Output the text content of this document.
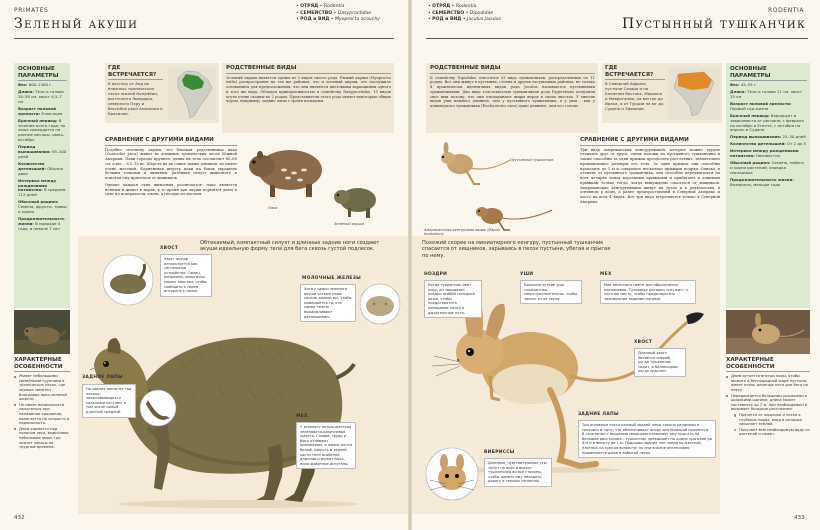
PRIMATES
• ОТРЯД • Rodentia
• СЕМЕЙСТВО • Dasyproctidae
• РОД и ВИД • Myoprocta acouchy
Зеленый акуши
ОСНОВНЫЕ ПАРАМЕТРЫ
Вес: 600–1300 г
Длина: Тело и голова 30–38 см, хвост 4,5–7 см
Возраст половой зрелости: 8 месяцев
Брачный период: В течение всего года, но чаще приходится на ранние месяцы, июнь–октябрь
Период вынашивания: 95–100 дней
Количество детенышей: Обычно двое
Интервал между рождениями потомства: В среднем 112 дней
Обычный рацион: Семена, фрукты, травы и корни
Продолжительность жизни: В природе 4 года, в неволе 7 лет
ХАРАКТЕРНЫЕ ОСОБЕННОСТИ
Живет небольшими семейными группами в тропических лесах, где хорошо заметен благодаря ярко-зеленой шерсти.
Не имеет возможности засыпаться при нападении хищников, полагается на скорость и подвижность.
Днем кормится под пологом леса, выискивая небольшие ямки, где прячет запасы на трудные времена.
ГДЕ ВСТРЕЧАЕТСЯ?
К востоку от Анд во влажных тропических лесах южной Колумбии, восточного Эквадора, северного Перу и бассейна реки Амазонки в Бразилии.
РОДСТВЕННЫЕ ВИДЫ
Зеленый акуши является одним из 2 видов своего рода. Рыжий акуши (Myoprocta exilis) распространен на тех же районах, что и зеленый акуши, что послужило основанием для предположения, что они являются цветовыми вариациями одного и того же вида. Обладая принадлежностью к семейству Dasyproctidae, 13 видов агути очень сходны по 2 родам. Представители этого рода имеют некоторые общие черты, например, задние лапы с тремя пальцами.
СРАВНЕНИЕ С ДРУГИМИ ВИДАМИ
Подобно зеленому акуши, его близкая родственница пака (Cuniculus paca) живет во влажных тропических лесах Южной Америки. Паки гораздо крупнее, длина их тела составляет 60–80 см, а вес – 6,5–12 кг. Шерсть на их спине также длинная, но имеет очень жесткий. Коричневая шерсть паки на боках украшена белыми точками и линиями, разбивая силуэт животного и помогая ему прятаться от хищников.
Однако каждая этих животных различается: пака является ночным и живет в норах, в то время как акуши кормятся днем и спят на поверхности земли, в гнездах из листьев.
Пака
Зеленый акуши
Обтекаемый, компактный силуэт и длинные задние ноги создают акуши идеальную форму тела для бега сквозь густой подлесок.
ХВОСТ
Хвост акуши используется как сигнальное устройство. Самец, например, энергично машет хвостом, чтобы сообщить о своем интересе к самке.
МОЛОЧНЫЕ ЖЕЛЕЗЫ
Хотя у самки зеленого акуши четыре пары сосков, можно вы, чтобы помещается то, что самки нежно выкармливают детенышами.
ЗАДНИЕ ЛАПЫ
На задних лапах по три пальца, заканчивающихся сильными когтями, в том числе самый длинный средний.
МЕХ
У зеленого акуши жесткая зеленовато-коричневая шерсть. Голова, грудь и бока отливают оранжевым, а живот почти белый. Шерсть в задней части тела особенно длинная и может быть, если животное испугано.
432
RODENTIA
• ОТРЯД • Rodentia
• СЕМЕЙСТВО • Dipodidae
• РОД и ВИД • Jaculus jaculus	Пустынный тушканчик
РОДСТВЕННЫЕ ВИДЫ
К семейству Dipodidae относятся 33 вида тушканчиков, распределенных по 11 родам. Все они живут в пустынях, степях и других засушливых районах, но только 4 практически идентичных видов рода Jaculus называются пустынными тушканчиками. Два вида толстохвостых тушканчиков рода Pygeretmus получили свое имя потому, что они откладывают жиры впрок в своих хвостах. У многих видов уши намного длиннее, чем у пустынного тушканчика, а у уши – как у длинноухого тушканчика (Euchoreutes naso) даже длиннее, чем его голова.
ГДЕ ВСТРЕЧАЕТСЯ?
В Северной Африке, пустыни Сахара и на Ближнем Востоке, Марокко и Мавритании, на восток до Ирака, а от Турции на юг до Судана и Эфиопии.
ОСНОВНЫЕ ПАРАМЕТРЫ
Вес: 45–55 г
Длина: Тело и голова 11 см, хвост 15 см
Возраст половой зрелости: Первый год жизни
Брачный период: Варьирует в зависимости от региона; с февраля по октябрь в Египте, с октября по апрель в Судане
Период вынашивания: 25–30 дней
Количество детенышей: От 2 до 5
Интервал между рождениями потомства: Неизвестно
Обычный рацион: Семена, побеги и корни растений; изредка насекомые
Продолжительность жизни: Возможно, меньше года
ХАРАКТЕРНЫЕ ОСОБЕННОСТИ
Днем остается внутри норы, чтобы выжить в беспощадной жаре пустыни; имеет очень длинные ноги для бега по песку.
Передвигается большими прыжками и широкими шагами, длина может составлять до 2 м, при необходимости вызывает большие расстояния.
Прячется от хищника и песка в глубоких норах, вход в которые засыпает землей.
Получает всю необходимую воду из растений и семян.
СРАВНЕНИЕ С ДРУГИМИ ВИДАМИ
Три вида американских кенгурумышей, которые можно трудно отличить друг от друга, очень похожи на пустынного тушканчика и также способны за один прыжок преодолеть расстояние, значительно превышающее размеры его тела. За один прыжок они способны проходить до 1 м и совершать несколько прыжков подряд. Однако, в отличие от пустынного тушканчика, они способно передвигаться на всех четырех лапах короткими прыжками и прибегают к длинным прыжкам только тогда, когда вынуждены спасаться от хищников. Американские кенгурумышки живут на лугах и в редколесьях, в основном у воды, а ранее произрастающей в Северной Америке и часто на всех 4 видах. Все три вида встречаются только в Северной Америке.
Пустынный тушканчик
Американская кенгуровая мышь (Zapus hudsonius)
Похожий скорее на миниатюрного кенгуру, пустынный тушканчик спасается от хищников, зарываясь в песок пустыни, убегая и прыгая по нему.
НОЗДРИ
Когда тушканчик роет нору, он закрывает ноздри особой складкой кожи, чтобы предотвратить попадание песка в дыхательные пути.
УШИ
Большие чуткие уши тушканчика сверхчувствительны, чтобы засечь из их звука.
МЕХ
Мех песочного цвета для обеспечения маскировки. Туловище рыгарьи «служит» о честное место, чтобы предотвратить заживление задними лапами.
ХВОСТ
Длинный хвост является опорой, когда тушканчик сидит, и балансиром, когда прыгает.
ЗАДНИЕ ЛАПЫ
Три основные кости каждой задней лапы сильно удлинены и срослись в одну, что обеспечивает опору для большой прочности. В сочетании с мощными мышцами позволяет ему прыгать на большие расстояния – тушканчик превышает по длине прыжков до 3 м и и высоту до 1 м. Подошвы задних лап покрыты жесткой, плотной на зрелом возрасте, но они вполне интенсивно проявляются даже в забытой песке.
ВИБРИССЫ
Длинные, чувствительные усы тычут по всех и вокруг тушканчика во все стороны, чтобы помочь ему находить дорогу в темных тоннелях.
433
